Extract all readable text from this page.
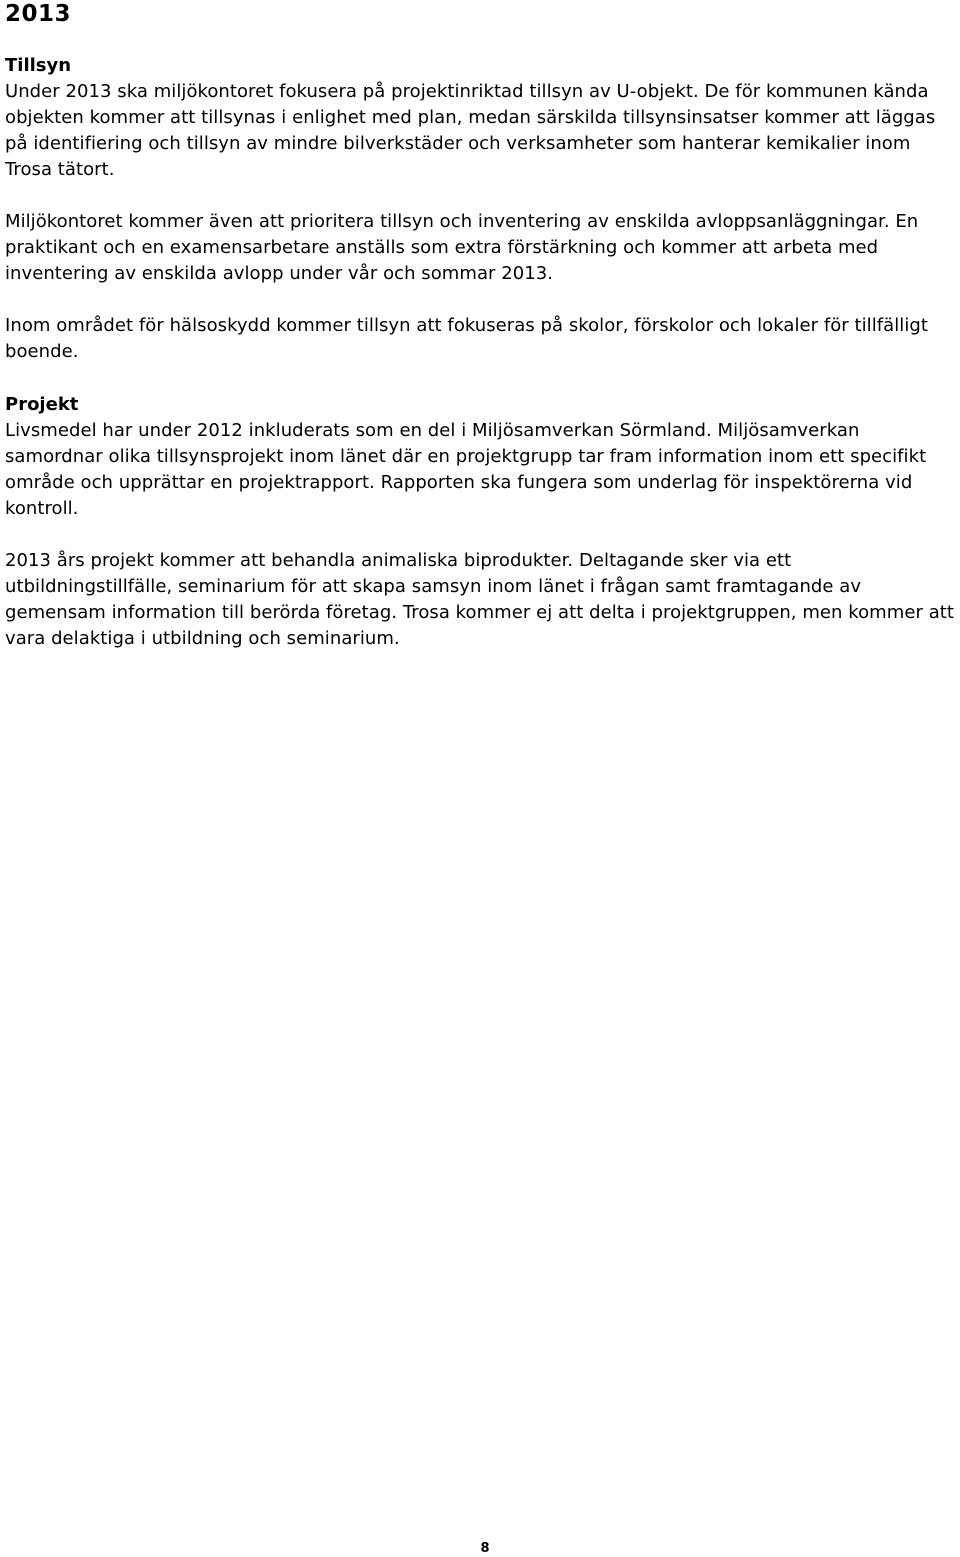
2013
Tillsyn

Under 2013 ska miljökontoret fokusera på projektinriktad tillsyn av U-objekt. De för kommunen kända objekten kommer att tillsynas i enlighet med plan, medan särskilda tillsynsinsatser kommer att läggas på identifiering och tillsyn av mindre bilverkstäder och verksamheter som hanterar kemikalier inom Trosa tätort.

Miljökontoret kommer även att prioritera tillsyn och inventering av enskilda avloppsanläggningar. En praktikant och en examensarbetare anställs som extra förstärkning och kommer att arbeta med inventering av enskilda avlopp under vår och sommar 2013.

Inom området för hälsoskydd kommer tillsyn att fokuseras på skolor, förskolor och lokaler för tillfälligt boende.

Projekt

Livsmedel har under 2012 inkluderats som en del i Miljösamverkan Sörmland. Miljösamverkan samordnar olika tillsynsprojekt inom länet där en projektgrupp tar fram information inom ett specifikt område och upprättar en projektrapport. Rapporten ska fungera som underlag för inspektörerna vid kontroll.

2013 års projekt kommer att behandla animaliska biprodukter. Deltagande sker via ett utbildningstillfälle, seminarium för att skapa samsyn inom länet i frågan samt framtagande av gemensam information till berörda företag. Trosa kommer ej att delta i projektgruppen, men kommer att vara delaktiga i utbildning och seminarium.

8
